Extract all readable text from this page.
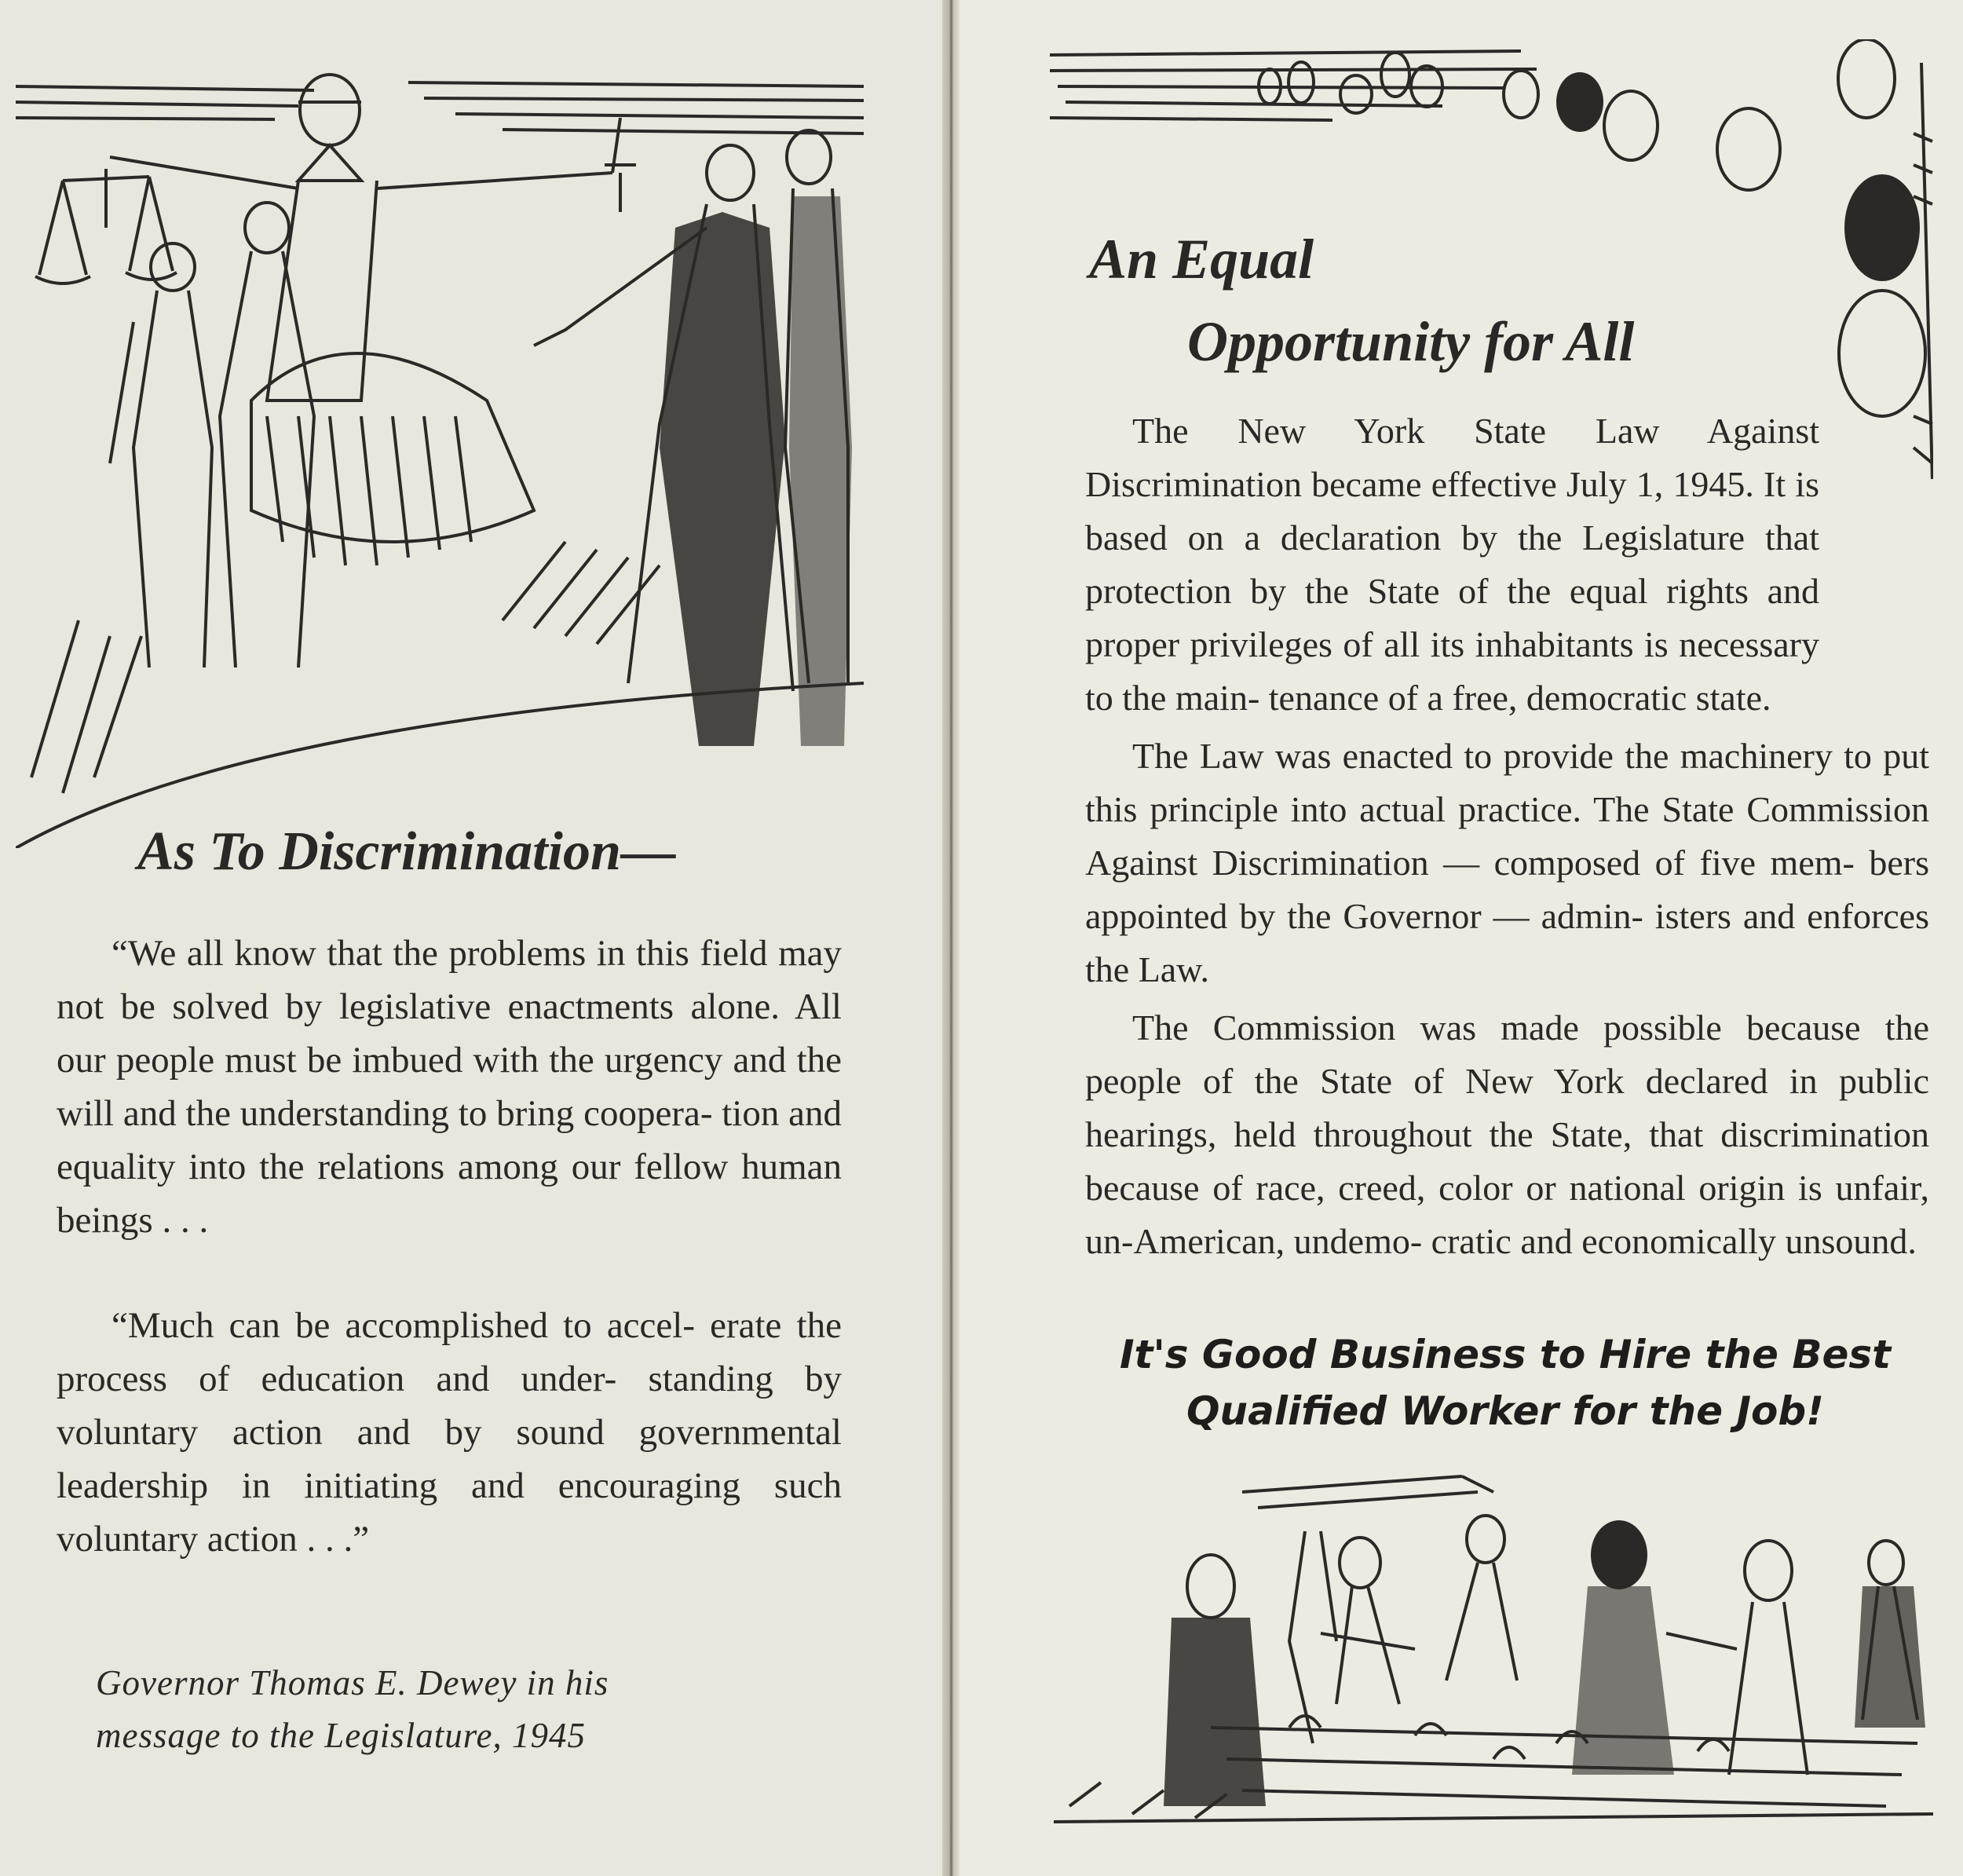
As To Discrimination—

“We all know that the problems in this field may not be solved by legislative enactments alone. All our people must be imbued with the urgency and the will and the understanding to bring coopera- tion and equality into the relations among our fellow human beings . . .

“Much can be accomplished to accel- erate the process of education and under- standing by voluntary action and by sound governmental leadership in initiating and encouraging such voluntary action . . .”

Governor Thomas E. Dewey in his

message to the Legislature, 1945

An Equal
Opportunity for All

The New York State Law Against Discrimination became effective July 1, 1945. It is based on a declaration by the Legislature that protection by the State of the equal rights and proper privileges of all its inhabitants is necessary to the main- tenance of a free, democratic state.

The Law was enacted to provide the machinery to put this principle into actual practice. The State Commission Against Discrimination — composed of five mem- bers appointed by the Governor — admin- isters and enforces the Law.

The Commission was made possible because the people of the State of New York declared in public hearings, held throughout the State, that discrimination because of race, creed, color or national origin is unfair, un-American, undemo- cratic and economically unsound.

It's Good Business to Hire the Best

Qualified Worker for the Job!
